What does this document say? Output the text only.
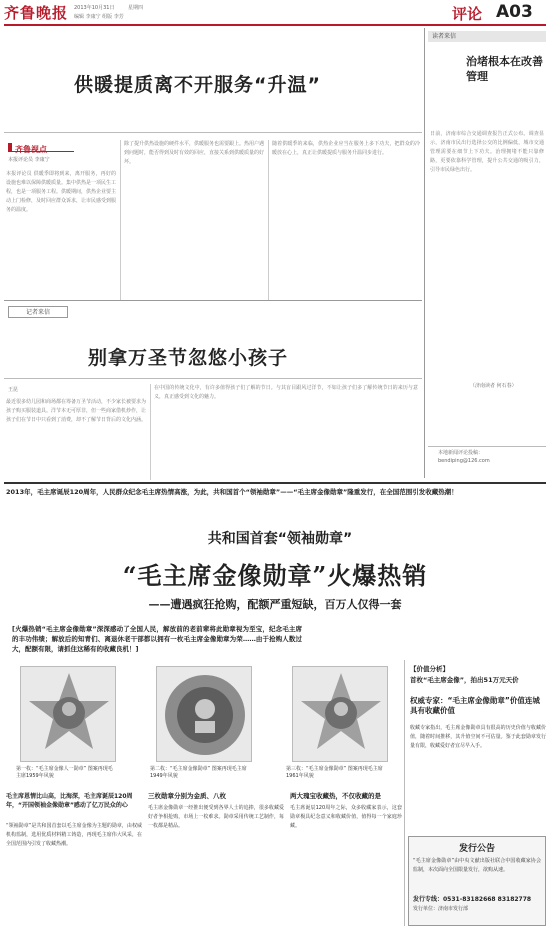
齐鲁晚报 2013年10月31日	星期四
编辑 李康宁 组版 李芳	评论 A03
供暖提质离不开服务“升温”
齐鲁视点
本报评论员 李康宁
本报评论员 供暖季即将到来，离开服务，再好的设施也难以保障供暖质量。集中供热是一项民生工程，也是一项服务工程。供暖期间，供热企业要主动上门检修，及时回应群众诉求，让市民感受到服务的温度。
除了提升供热设施的硬件水平，供暖服务也需要跟上。热用户遇到问题时，能否得到及时有效的回应，直接关系到供暖质量的好坏。
随着供暖季的来临，供热企业应当在服务上多下功夫，把群众的冷暖放在心上，真正让供暖提质与服务升温同步进行。
读者来信
治堵根本在改善管理
日前，济南市综合交通调查报告正式公布。调查显示，济南市民出行选择公交的比例偏低，城市交通管理需要在细节上下功夫。治理拥堵不能只靠修路，更要依靠科学管理，提升公共交通的吸引力，引导市民绿色出行。
（济南读者 何石春）
本地新闻评论投稿：
bendiping@126.com
记者来信
别拿万圣节忽悠小孩子
王昆
最近很多幼儿园和商场都在筹备万圣节活动，不少家长被要求为孩子购买服装道具。洋节本无可厚非，但一些商家借机炒作，让孩子们在节日中只看到了消费，却不了解节日背后的文化内涵。
在中国的传统文化中，有许多值得孩子们了解的节日。与其盲目跟风过洋节，不如让孩子们多了解传统节日的来历与意义，真正感受到文化的魅力。
2013年，毛主席诞辰120周年，人民群众纪念毛主席热情高涨，为此，共和国首个“领袖勋章”——“毛主席金像勋章”隆重发行，在全国范围引发收藏热潮！
共和国首套“领袖勋章”
“毛主席金像勋章”火爆热销
——遭遇疯狂抢购，配额严重短缺，百万人仅得一套
[火爆热销“毛主席金像勋章”深深感动了全国人民，解放前的老前辈将此勋章视为至宝，纪念毛主席的丰功伟绩；解放后的知青们、离退休老干部都以拥有一枚毛主席金像勋章为荣……由于抢购人数过大，配额有限，请抓住这稀有的收藏良机！]
第一枚：“毛主席金像人一勋章” 图案再现毛主席1959年风貌
第二枚：“毛主席金像勋章” 图案再现毛主席1949年风貌
第三枚：“毛主席金像勋章” 图案再现毛主席1961年风貌
毛主席恩情比山高，比海深，毛主席诞辰120周年，“开国领袖金像勋章”感动了亿万民众的心
“领袖勋章”是共和国首套以毛主席金像为主题的勋章，由权威机构监制，选用优质材料精工铸造，再现毛主席伟大风采，在全国范围内引发了收藏热潮。
三枚勋章分别为金质、八枚
毛主席金像勋章一经推出便受到各界人士的追捧，很多收藏爱好者争相抢购，市场上一枚难求。勋章采用传统工艺制作，每一枚都是精品。
两大瑰宝收藏热，不仅收藏的是
毛主席诞辰120周年之际，众多收藏家表示，这套勋章极具纪念意义和收藏价值，值得每一个家庭珍藏。
【价值分析】
首枚“毛主席金像”，拍出51万元天价
权威专家：“毛主席金像勋章”价值连城具有收藏价值
收藏专家指出，毛主席金像勋章具有很高的历史价值与收藏价值，随着时间推移，其升值空间不可估量。鉴于此套勋章发行量有限，收藏爱好者宜尽早入手。
发行公告
“毛主席金像勋章”由中央文献出版社联合中国收藏家协会监制，本次面向全国限量发行，欲购从速。
发行专线：0531-83182668 83182778
发行单位：济南市发行部
